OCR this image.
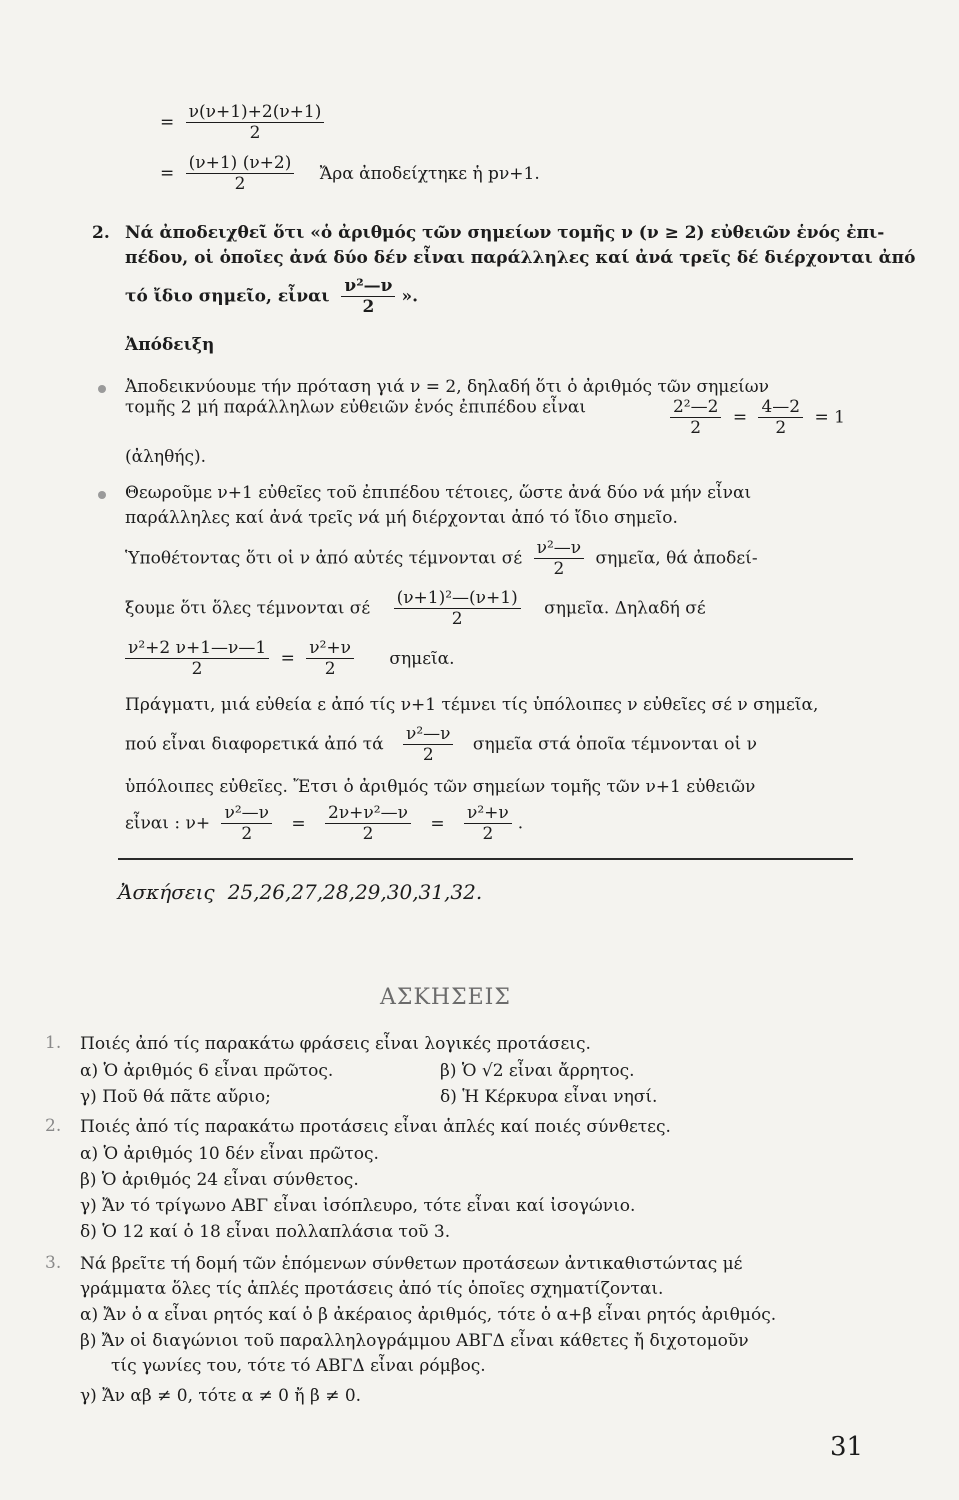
= $\frac{\nu(\nu+1)+2(\nu+1)}{2}$
= $\frac{(\nu+1) (\nu+2)}{2}$ Ἄρα ἀποδείχτηκε ἡ pν+1.
2. Νά ἀποδειχθεῖ ὅτι «ὁ ἀριθμός τῶν σημείων τομῆς ν (ν ≥ 2) εὐθειῶν ἑνός ἐπι-
πέδου, οἱ ὁποῖες ἀνά δύο δέν εἶναι παράλληλες καί ἀνά τρεῖς δέ διέρχονται ἀπό
τό ἴδιο σημεῖο, εἶναι $\frac{\text{ν²—ν}}{2}$ ».
Ἀπόδειξη
Ἀποδεικνύουμε τήν πρόταση γιά ν = 2, δηλαδή ὅτι ὁ ἀριθμός τῶν σημείων
τομῆς 2 μή παράλληλων εὐθειῶν ἑνός ἐπιπέδου εἶναι	$\frac{\text{2²—2}}{2} = \frac{4—2}{2} = 1$
(ἀληθής).
Θεωροῦμε ν+1 εὐθεῖες τοῦ ἐπιπέδου τέτοιες, ὥστε ἀνά δύο νά μήν εἶναι
παράλληλες καί ἀνά τρεῖς νά μή διέρχονται ἀπό τό ἴδιο σημεῖο.
Ὑποθέτοντας ὅτι οἱ ν ἀπό αὐτές τέμνονται σέ $\frac{\text{ν²—ν}}{2}$ σημεῖα, θά ἀποδεί-
ξουμε ὅτι ὅλες τέμνονται σέ $\frac{\text{(ν+1)²—(ν+1)}}{2}$ σημεῖα. Δηλαδή σέ
$\frac{\text{ν²+2 ν+1—ν—1}}{2} = \frac{\text{ν²+ν}}{2}$ σημεῖα.
Πράγματι, μιά εὐθεία ε ἀπό τίς ν+1 τέμνει τίς ὑπόλοιπες ν εὐθεῖες σέ ν σημεῖα,
πού εἶναι διαφορετικά ἀπό τά $\frac{\text{ν²—ν}}{2}$ σημεῖα στά ὁποῖα τέμνονται οἱ ν
ὑπόλοιπες εὐθεῖες. Ἔτσι ὁ ἀριθμός τῶν σημείων τομῆς τῶν ν+1 εὐθειῶν
εἶναι : $\nu+ \frac{\text{ν²—ν}}{2} = \frac{\text{2ν+ν²—ν}}{2} = \frac{\text{ν²+ν}}{2}$ .
Ἀσκήσεις 25,26,27,28,29,30,31,32.
ΑΣΚΗΣΕΙΣ
1. Ποιές ἀπό τίς παρακάτω φράσεις εἶναι λογικές προτάσεις.
α) Ὁ ἀριθμός 6 εἶναι πρῶτος.	β) Ὁ √2 εἶναι ἄρρητος.
γ) Ποῦ θά πᾶτε αὔριο;	δ) Ἡ Κέρκυρα εἶναι νησί.
2. Ποιές ἀπό τίς παρακάτω προτάσεις εἶναι ἁπλές καί ποιές σύνθετες.
α) Ὁ ἀριθμός 10 δέν εἶναι πρῶτος.
β) Ὁ ἀριθμός 24 εἶναι σύνθετος.
γ) Ἄν τό τρίγωνο ΑΒΓ εἶναι ἰσόπλευρο, τότε εἶναι καί ἰσογώνιο.
δ) Ὁ 12 καί ὁ 18 εἶναι πολλαπλάσια τοῦ 3.
3. Νά βρεῖτε τή δομή τῶν ἑπόμενων σύνθετων προτάσεων ἀντικαθιστώντας μέ
γράμματα ὅλες τίς ἁπλές προτάσεις ἀπό τίς ὁποῖες σχηματίζονται.
α) Ἄν ὁ α εἶναι ρητός καί ὁ β ἀκέραιος ἀριθμός, τότε ὁ α+β εἶναι ρητός ἀριθμός.
β) Ἄν οἱ διαγώνιοι τοῦ παραλληλογράμμου ΑΒΓΔ εἶναι κάθετες ἤ διχοτομοῦν
τίς γωνίες του, τότε τό ΑΒΓΔ εἶναι ρόμβος.
γ) Ἄν αβ ≠ 0, τότε α ≠ 0 ἤ β ≠ 0.
31
